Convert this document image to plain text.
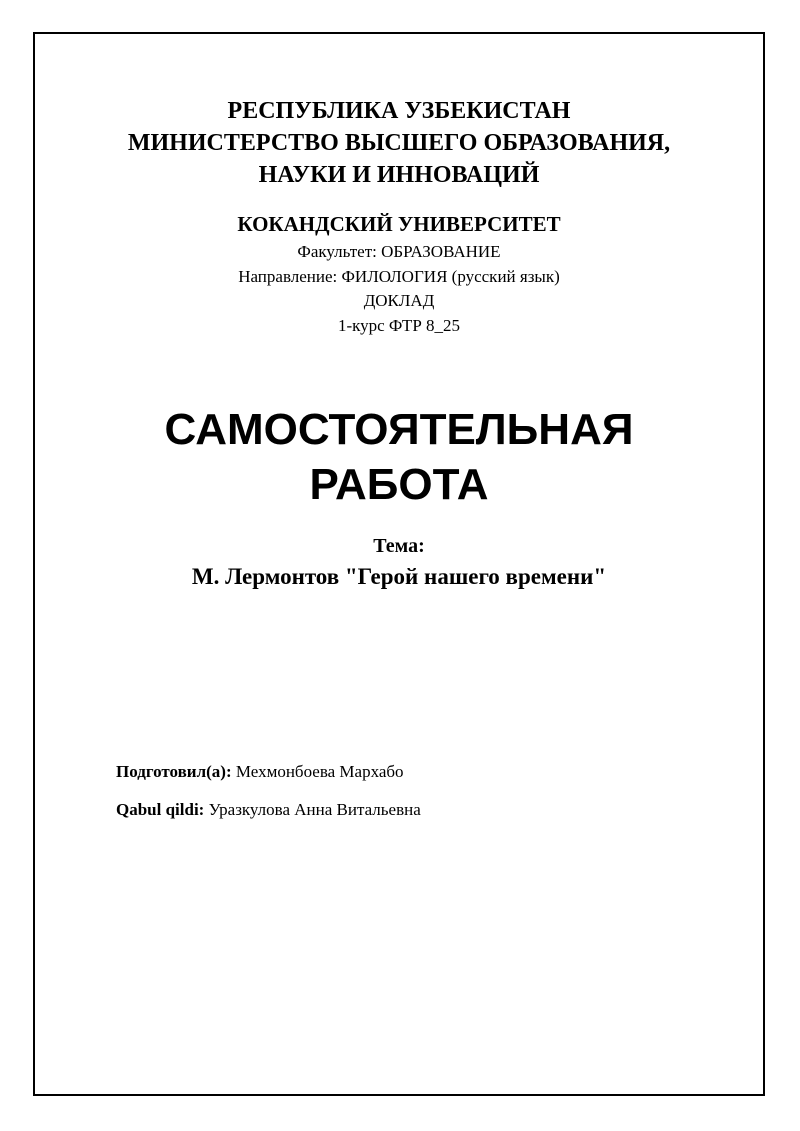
РЕСПУБЛИКА УЗБЕКИСТАН
МИНИСТЕРСТВО ВЫСШЕГО ОБРАЗОВАНИЯ,
НАУКИ И ИННОВАЦИЙ
КОКАНДСКИЙ УНИВЕРСИТЕТ
Факультет: ОБРАЗОВАНИЕ
Направление: ФИЛОЛОГИЯ (русский язык)
ДОКЛАД
1-курс ФТР 8_25
САМОСТОЯТЕЛЬНАЯ
РАБОТА
Тема:
М. Лермонтов "Герой нашего времени"
Подготовил(а): Мехмонбоева Мархабо
Qabul qildi: Уразкулова Анна Витальевна
